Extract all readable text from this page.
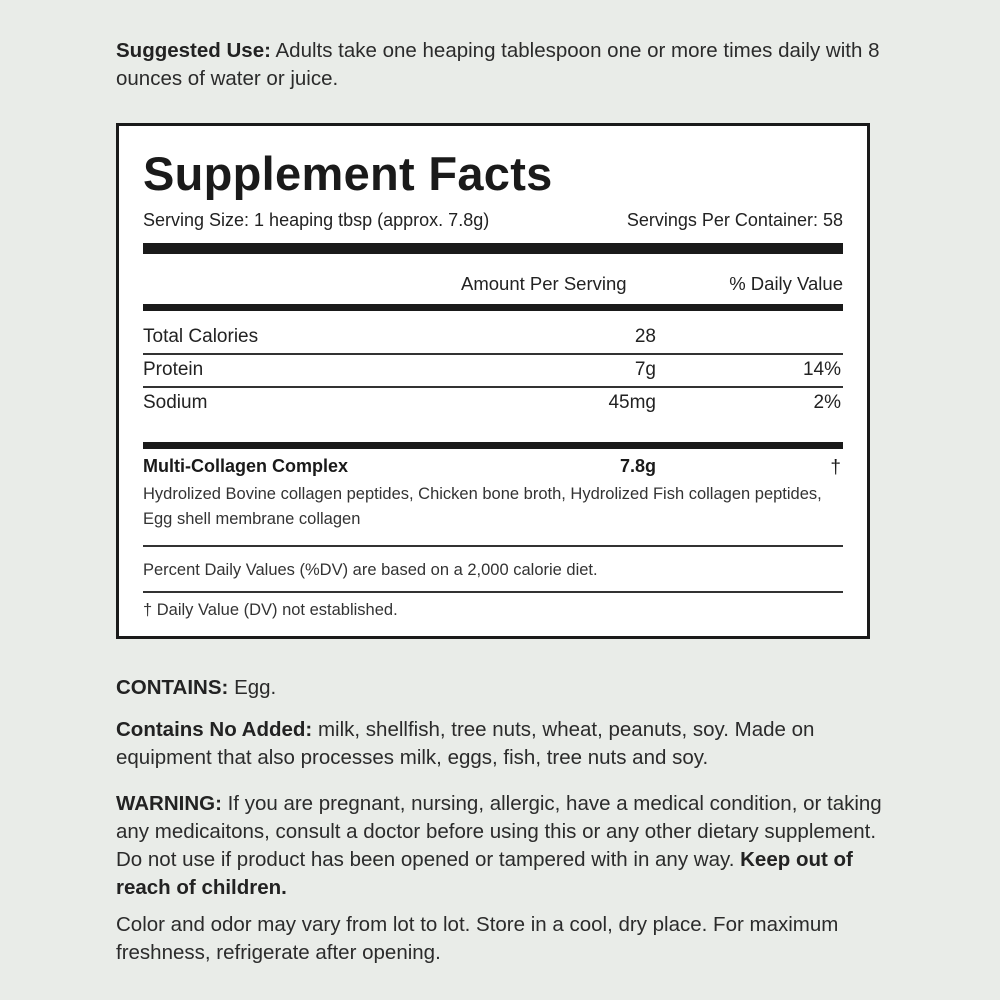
Suggested Use: Adults take one heaping tablespoon one or more times daily with 8 ounces of water or juice.
Supplement Facts
Serving Size: 1 heaping tbsp (approx. 7.8g)	Servings Per Container: 58
Amount Per Serving	% Daily Value
Total Calories	28
Protein	7g	14%
Sodium	45mg	2%
Multi-Collagen Complex	7.8g	†
Hydrolized Bovine collagen peptides, Chicken bone broth, Hydrolized Fish collagen peptides, Egg shell membrane collagen
Percent Daily Values (%DV) are based on a 2,000 calorie diet.
† Daily Value (DV) not established.
CONTAINS: Egg.
Contains No Added: milk, shellfish, tree nuts, wheat, peanuts, soy. Made on equipment that also processes milk, eggs, fish, tree nuts and soy.
WARNING: If you are pregnant, nursing, allergic, have a medical condition, or taking any medicaitons, consult a doctor before using this or any other dietary supplement. Do not use if product has been opened or tampered with in any way. Keep out of reach of children.
Color and odor may vary from lot to lot. Store in a cool, dry place. For maximum freshness, refrigerate after opening.
